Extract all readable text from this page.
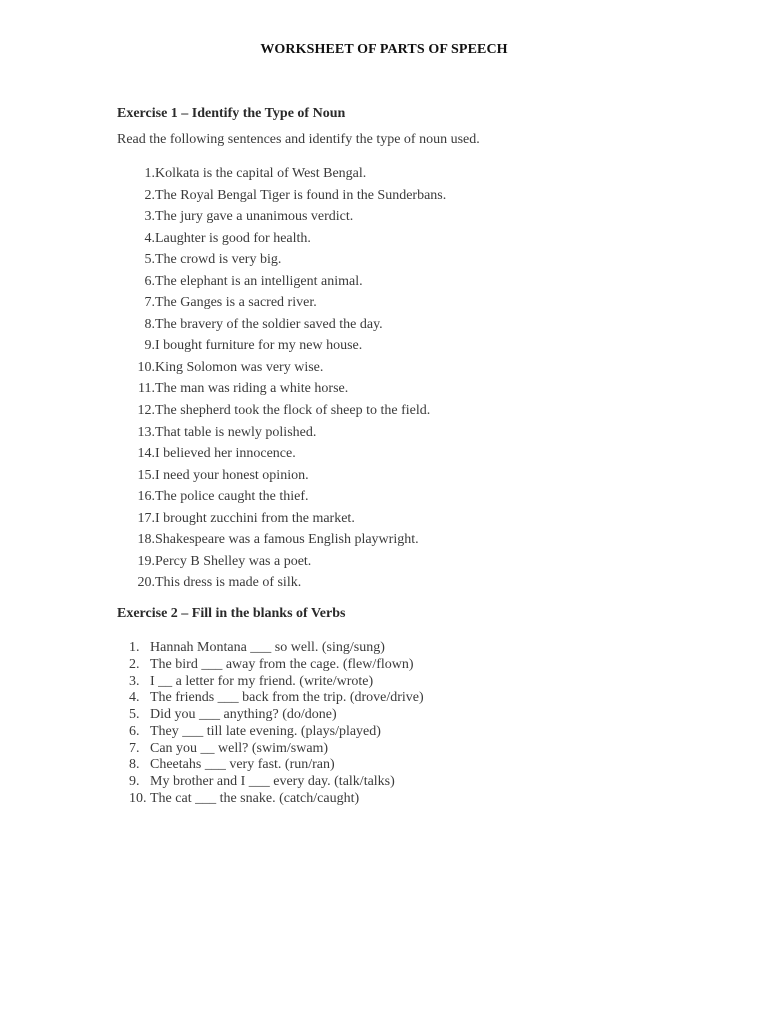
WORKSHEET OF PARTS OF SPEECH
Exercise 1 – Identify the Type of Noun
Read the following sentences and identify the type of noun used.
1. Kolkata is the capital of West Bengal.
2. The Royal Bengal Tiger is found in the Sunderbans.
3. The jury gave a unanimous verdict.
4. Laughter is good for health.
5. The crowd is very big.
6. The elephant is an intelligent animal.
7. The Ganges is a sacred river.
8. The bravery of the soldier saved the day.
9. I bought furniture for my new house.
10. King Solomon was very wise.
11. The man was riding a white horse.
12. The shepherd took the flock of sheep to the field.
13. That table is newly polished.
14. I believed her innocence.
15. I need your honest opinion.
16. The police caught the thief.
17. I brought zucchini from the market.
18. Shakespeare was a famous English playwright.
19. Percy B Shelley was a poet.
20. This dress is made of silk.
Exercise 2 – Fill in the blanks of Verbs
1. Hannah Montana ___ so well. (sing/sung)
2. The bird ___ away from the cage. (flew/flown)
3. I __ a letter for my friend. (write/wrote)
4. The friends ___ back from the trip. (drove/drive)
5. Did you ___ anything? (do/done)
6. They ___ till late evening. (plays/played)
7. Can you __ well? (swim/swam)
8. Cheetahs ___ very fast. (run/ran)
9. My brother and I ___ every day. (talk/talks)
10. The cat ___ the snake. (catch/caught)
